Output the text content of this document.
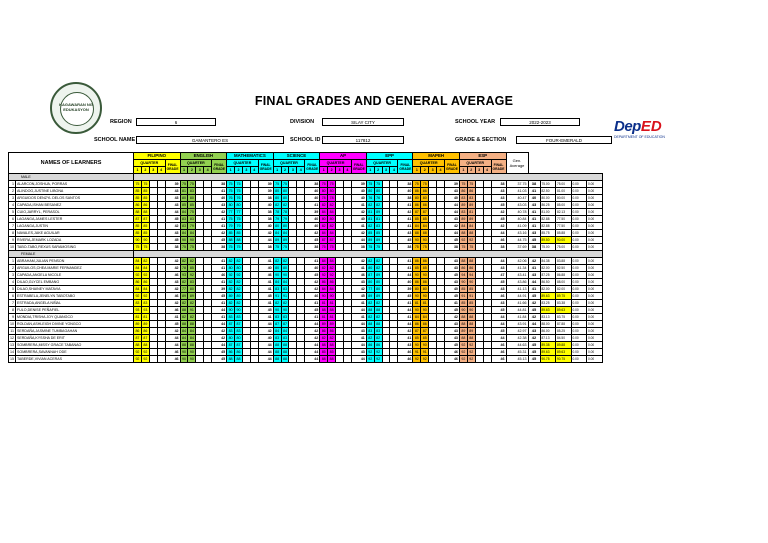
FINAL GRADES AND GENERAL AVERAGE
KAGAWARAN NG EDUKASYON
REGION	6	DIVISION	SILAY CITY	SCHOOL YEAR	2022-2023
SCHOOL NAME	GAMANTERO ES	SCHOOL ID	117812	GRADE & SECTION	FOUR-EMERALD
DepED
DEPARTMENT OF EDUCATION
NAMES OF LEARNERS		FILIPINO					ENGLISH					MATHEMATICS					SCIENCE					AP					EPP					MAPEH					ESP					Gen. Average					
		QUARTER				FINAL GRADE	QUARTER				FINAL GRADE	QUARTER				FINAL GRADE	QUARTER				FINAL GRADE	QUARTER				FINAL GRADE	QUARTER				FINAL GRADE	QUARTER				FINAL GRADE	QUARTER				FINAL GRADE						
		1	2	3	4		1	2	3	4		1	2	3	4		1	2	3	4		1	2	3	4		1	2	3	4		1	2	3	4		1	2	3	4							
MALE																																															
1	ALARCON,JOSHUA, PORRAS	75	75			39	75	75			38	75	75			39	75	75			38	75	75			39	75	75			38	75	75			39	75	75			38	37.75	38	75.00	75.00	0.00	0.00
2	ALINDOG,JUSTINE LIBONA	85	85			43	81	83			41	75	75			39	80	80			40	80	80			40	80	80			40	86	86			43	86	86			43	41.03	41	82.50	81.00	0.00	0.00
3	ARGUIDOS DENZYL DELOS SANTOS	85	85			43	80	80			40	76	76			38	80	80			40	78	78			40	76	76			38	80	80			40	83	83			43	40.47	40	80.00	80.00	0.00	0.00
4	CAPADA,ISHAN BESANEZ	86	86			43	85	85			43	80	80			40	82	82			41	82	82			41	82	82			41	86	86			44	89	89			45	43.03	43	86.25	85.00	0.00	0.00
5	CUIO,JARRYL, PERASOL	88	88			44	84	75			42	77	77			38	78	78			39	84	84			42	81	89			42	87	87			44	83	81			42	40.78	41	81.00	82.13	0.00	0.00
6	LAGANGA,JAMES LESTER	87	87			45	83	83			41	75	75			38	79	79			40	80	80			40	81	81			41	85	85			43	89	89			45	40.84	41	82.88	77.50	0.00	0.00
7	LAGANGA,JUSTIN	85	85			42	83	79			41	79	79			40	80	80			40	82	82			41	82	83			41	84	84			42	84	84			42	41.09	41	82.88	77.50	0.00	0.00
8	NAVALES,JAKE AGUILAR	85	85			43	84	84			42	85	85			42	84	84			42	84	84			42	85	85			43	88	88			44	88	88			44	43.16	43	85.75	85.88	0.00	0.00
9	RIVERA,JEMARK LOZADA	90	90			45	90	90			45	88	88			44	89	89			45	87	87			44	89	89			45	90	90			45	92	92			46	44.75	45	89.50	90.00	0.00	0.00
10	TABO-TABO,REXUS SARAMOSING	75	75			38	75	75			38	75	75			38	75	75			38	75	75			38	75	75			38	75	75			38	75	75			38	37.69	38	75.00	75.00	0.00	0.00
FEMALE																																															
1	ABRAHAM,JULIAN PENSON	84	82			42	82	82			41	82	82			41	82	82			41	84	84			42	82	82			41	86	86			43	88	88			44	42.06	42	84.38	83.88	0.00	0.00
2	ARGUILOS,CHEA MARIE FERNANDEZ	84	84			42	78	85			41	80	80			40	80	80			40	82	82			41	80	82			41	85	85			43	86	86			43	41.34	41	82.00	82.50	0.00	0.00
3	CAPADA,ANGELA NICOLE	92	92			46	93	92			46	92	92			46	90	90			45	92	92			46	87	89			44	90	90			45	94	94			47	43.41	43	87.25	86.88	0.00	0.00
4	DILAO,GLYCEL EMBANG	86	86			43	82	83			41	82	82			41	84	84			42	86	86			43	80	80			40	86	86			43	90	90			45	43.86	44	86.50	88.00	0.00	0.00
5	DILAO,SHAINEY MATAVIA	84	84			42	77	80			39	82	82			41	83	83			42	84	84			42	77	80			39	80	80			40	85	85			43	41.13	41	82.00	82.00	0.00	0.00
6	ESTRABELA,JENELYN TABOTABO	92	92			46	89	89			45	89	89			45	91	91			46	90	90			45	89	89			45	90	90			45	91	91			46	44.91	45	89.63	89.75	0.00	0.00
7	ESTRADA,ANGELA NIÑAL	83	83			42	82	82			41	82	82			41	82	82			41	81	81			41	82	82			41	81	81			41	85	85			43	41.66	42	83.25	83.38	0.00	0.00
8	FULO,DENISE PEÑAFIEL	93	93			46	88	91			44	90	90			45	90	90			45	88	88			44	88	88			44	90	90			45	90	90			45	44.81	45	89.63	89.63	0.00	0.00
9	MONDIA,TRISHA JOY QUANGCO	81	81			41	82	82			41	83	83			41	83	83			41	81	81			41	82	82			41	84	84			42	88	88			44	41.84	42	83.13	83.75	0.00	0.00
10	ROLDAN,ASHLEIGH DIVINE YONGCO	89	89			45	88	88			44	87	87			44	87	87			44	89	89			44	88	88			44	86	86			43	88	88			44	43.91	44	88.00	87.88	0.00	0.00
11	SERDAÑA,JASMINE TUMBAGAHAN	86	86			42	84	84			42	83	83			42	84	84			42	86	86			43	83	83			42	87	87			43	89	89			45	42.97	43	86.00	85.25	0.00	0.00
12	SERDAÑA,KYSSHA DE ERIT	87	87			44	84	84			42	80	80			40	83	83			42	82	82			41	82	82			41	85	85			43	88	88			44	42.38	42	87.13	84.50	0.00	0.00
13	SOMBRERA,MISSY GRACE TABANAO	88	88			44	88	88			44	87	87			44	88	88			44	88	88			44	86	86			43	90	90			45	92	92			46	44.63	45	89.38	89.88	0.00	0.00
14	SOMBRERA,SAVANNAH ODE	92	92			46	90	90			45	86	86			44	88	88			44	85	85			43	92	92			46	91	91			46	92	92			46	45.31	45	89.63	89.63	0.00	0.00
15	TABERDE,VIVIAN ACERAS	92	92			46	90	90			45	88	88			44	88	88			44	88	88			44	92	92			46	92	92			46	92	92			46	45.13	45	90.75	90.75	0.00	0.00
